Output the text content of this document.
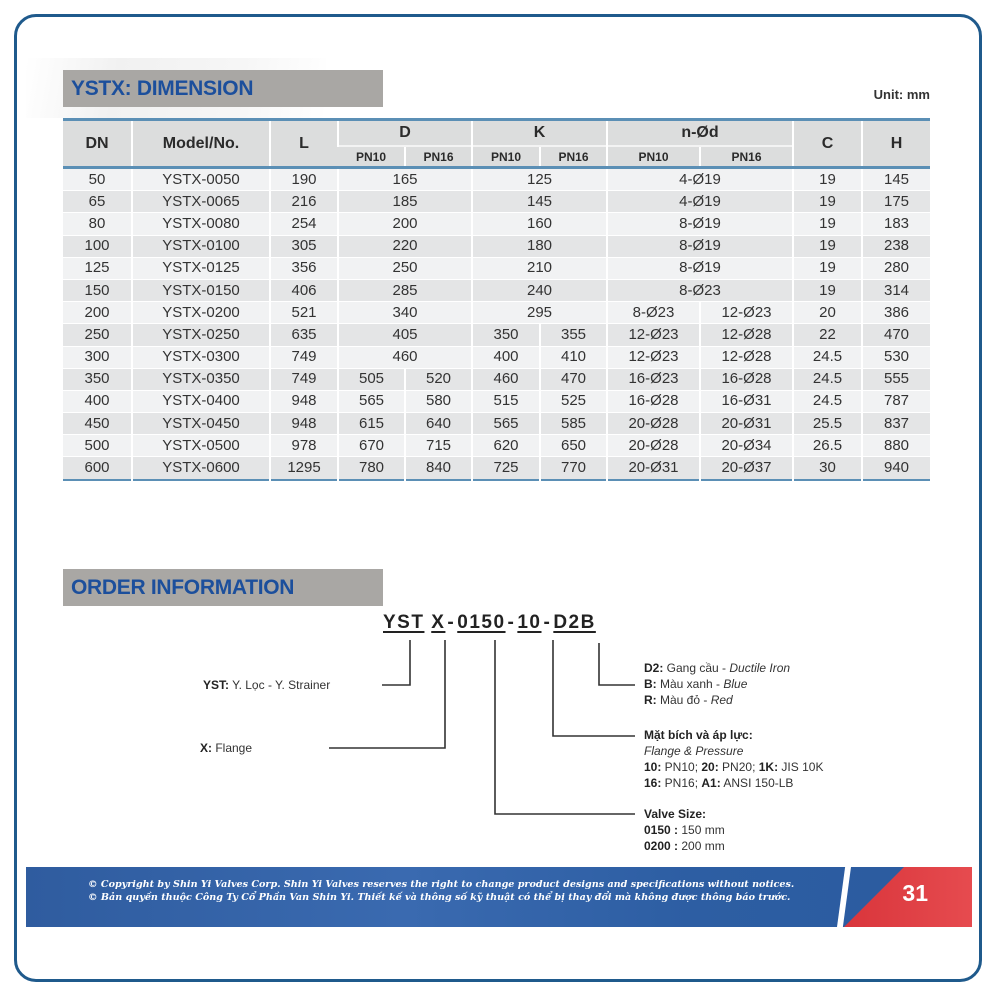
YSTX: DIMENSION	Unit: mm
DN	Model/No.	L	D		K		n-Ød		C	H
			PN10	PN16	PN10	PN16	PN10	PN16		
50	YSTX-0050	190	165		125		4-Ø19		19	145
65	YSTX-0065	216	185		145		4-Ø19		19	175
80	YSTX-0080	254	200		160		8-Ø19		19	183
100	YSTX-0100	305	220		180		8-Ø19		19	238
125	YSTX-0125	356	250		210		8-Ø19		19	280
150	YSTX-0150	406	285		240		8-Ø23		19	314
200	YSTX-0200	521	340		295		8-Ø23	12-Ø23	20	386
250	YSTX-0250	635	405		350	355	12-Ø23	12-Ø28	22	470
300	YSTX-0300	749	460		400	410	12-Ø23	12-Ø28	24.5	530
350	YSTX-0350	749	505	520	460	470	16-Ø23	16-Ø28	24.5	555
400	YSTX-0400	948	565	580	515	525	16-Ø28	16-Ø31	24.5	787
450	YSTX-0450	948	615	640	565	585	20-Ø28	20-Ø31	25.5	837
500	YSTX-0500	978	670	715	620	650	20-Ø28	20-Ø34	26.5	880
600	YSTX-0600	1295	780	840	725	770	20-Ø31	20-Ø37	30	940
ORDER INFORMATION
YST X - 0150 - 10 - D2B
YST: Y. Lọc - Y. Strainer
X: Flange
D2: Gang cầu - Ductile Iron
B: Màu xanh - Blue
R: Màu đỏ - Red
Mặt bích và áp lực:
Flange & Pressure
10: PN10; 20: PN20; 1K: JIS 10K
16: PN16; A1: ANSI 150-LB
Valve Size:
0150 : 150 mm
0200 : 200 mm
© Copyright by Shin Yi Valves Corp. Shin Yi Valves reserves the right to change product designs and specifications without notices.
© Bản quyền thuộc Công Ty Cổ Phần Van Shin Yi. Thiết kế và thông số kỹ thuật có thể bị thay đổi mà không được thông báo trước.	31
